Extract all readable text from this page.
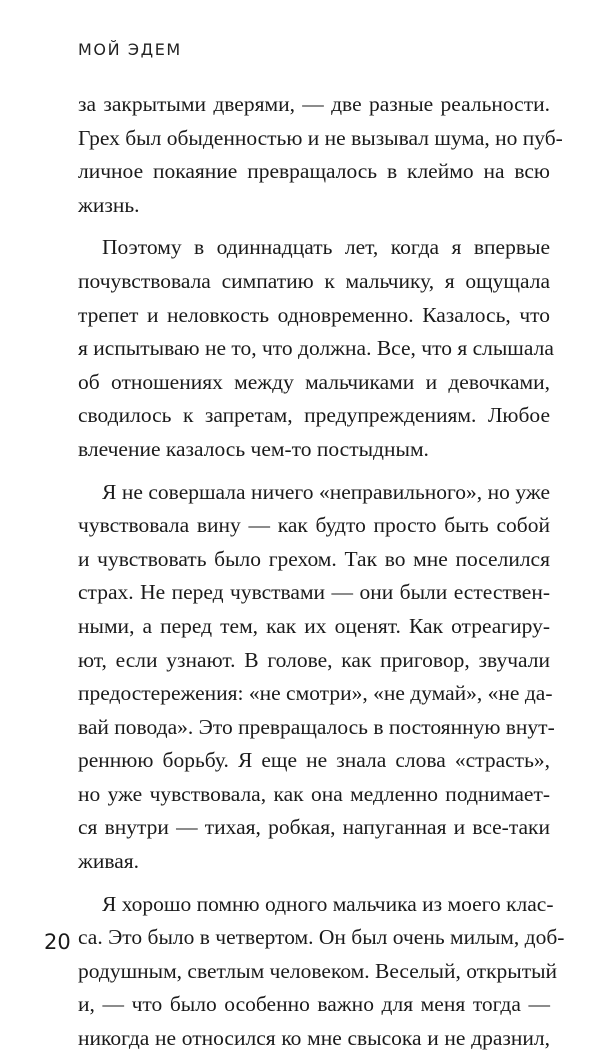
МОЙ ЭДЕМ
за закрытыми дверями, — две разные реальности.
Грех был обыденностью и не вызывал шума, но пуб-
личное покаяние превращалось в клеймо на всю
жизнь.
Поэтому в одиннадцать лет, когда я впервые
почувствовала симпатию к мальчику, я ощущала
трепет и неловкость одновременно. Казалось, что
я испытываю не то, что должна. Все, что я слышала
об отношениях между мальчиками и девочками,
сводилось к запретам, предупреждениям. Любое
влечение казалось чем-то постыдным.
Я не совершала ничего «неправильного», но уже
чувствовала вину — как будто просто быть собой
и чувствовать было грехом. Так во мне поселился
страх. Не перед чувствами — они были естествен-
ными, а перед тем, как их оценят. Как отреагиру-
ют, если узнают. В голове, как приговор, звучали
предостережения: «не смотри», «не думай», «не да-
вай повода». Это превращалось в постоянную внут-
реннюю борьбу. Я еще не знала слова «страсть»,
но уже чувствовала, как она медленно поднимает-
ся внутри — тихая, робкая, напуганная и все-таки
живая.
Я хорошо помню одного мальчика из моего клас-
са. Это было в четвертом. Он был очень милым, доб-
родушным, светлым человеком. Веселый, открытый
и, — что было особенно важно для меня тогда —
никогда не относился ко мне свысока и не дразнил,
20
